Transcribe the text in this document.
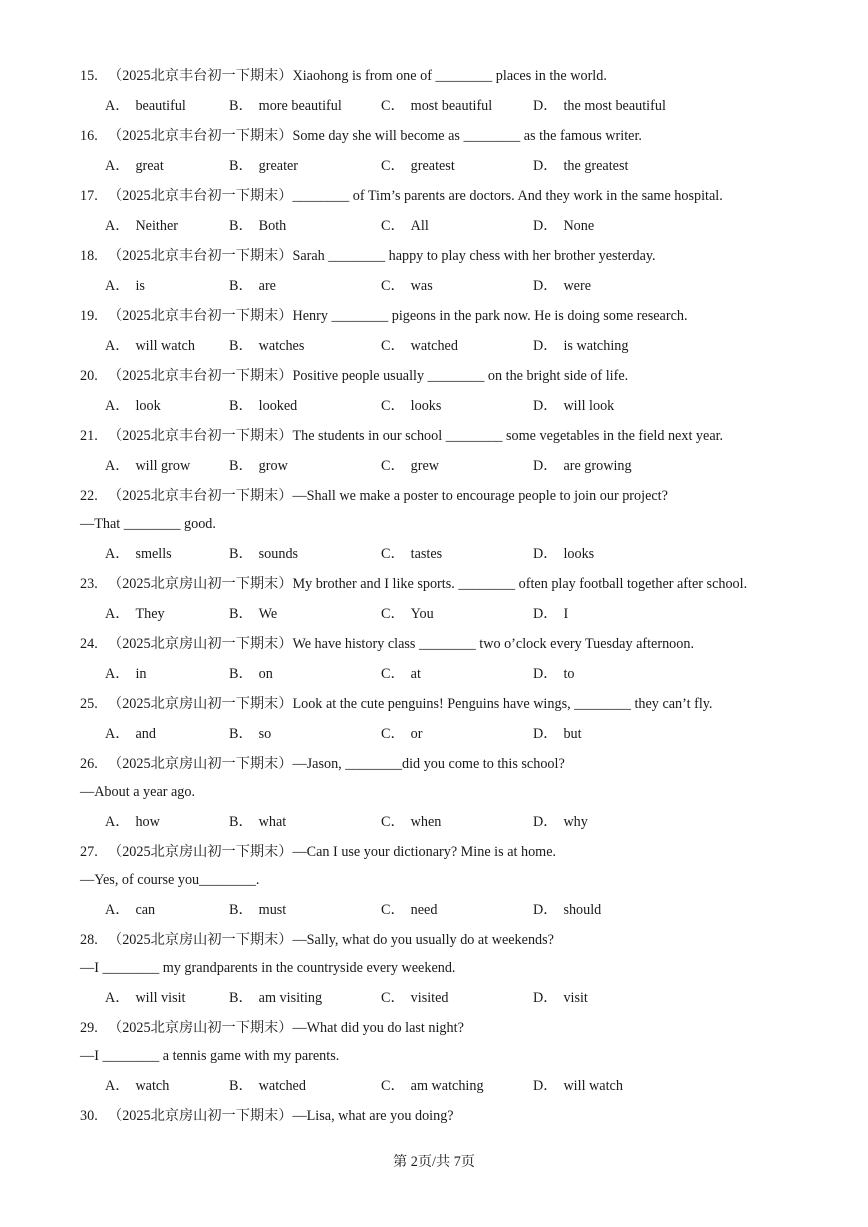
第 2页/共 7页
15. （2025北京丰台初一下期末）Xiaohong is from one of ________ places in the world.
A． beautiful	B． more beautiful	C． most beautiful	D． the most beautiful
16. （2025北京丰台初一下期末）Some day she will become as ________ as the famous writer.
A． great	B． greater	C． greatest	D． the greatest
17. （2025北京丰台初一下期末）________ of Tim’s parents are doctors. And they work in the same hospital.
A． Neither	B． Both	C． All	D． None
18. （2025北京丰台初一下期末）Sarah ________ happy to play chess with her brother yesterday.
A． is	B． are	C． was	D． were
19. （2025北京丰台初一下期末）Henry ________ pigeons in the park now. He is doing some research.
A． will watch B． watches	C． watched	D． is watching
20. （2025北京丰台初一下期末）Positive people usually ________ on the bright side of life.
A． look	B． looked	C． looks	D． will look
21. （2025北京丰台初一下期末）The students in our school ________ some vegetables in the field next year.
A． will grow	B． grow	C． grew	D． are growing
22. （2025北京丰台初一下期末）—Shall we make a poster to encourage people to join our project?
—That ________ good.
A． smells	B． sounds	C． tastes	D． looks
23. （2025北京房山初一下期末）My brother and I like sports. ________ often play football together after school.
A． They	B． We	C． You	D． I
24. （2025北京房山初一下期末）We have history class ________ two o’clock every Tuesday afternoon.
A． in	B． on	C． at	D． to
25. （2025北京房山初一下期末）Look at the cute penguins! Penguins have wings, ________ they can’t fly.
A． and	B． so	C． or	D． but
26. （2025北京房山初一下期末）—Jason, ________did you come to this school?
—About a year ago.
A． how	B． what	C． when	D． why
27. （2025北京房山初一下期末）—Can I use your dictionary? Mine is at home.
—Yes, of course you________.
A． can	B． must	C． need	D． should
28. （2025北京房山初一下期末）—Sally, what do you usually do at weekends?
—I ________ my grandparents in the countryside every weekend.
A． will visit	B． am visiting	C． visited	D． visit
29. （2025北京房山初一下期末）—What did you do last night?
—I ________ a tennis game with my parents.
A． watch	B． watched	C． am watching	D． will watch
30. （2025北京房山初一下期末）—Lisa, what are you doing?
